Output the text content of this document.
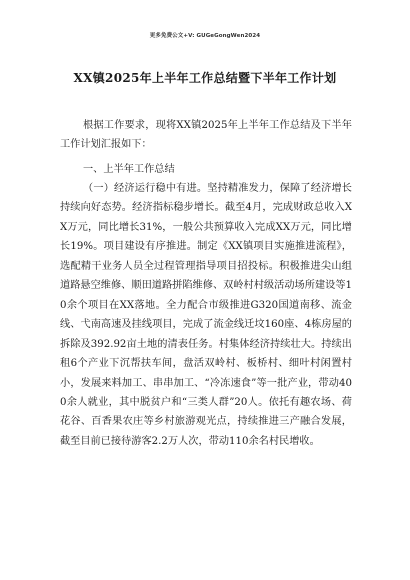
更多免费公文+V: GUGeGongWen2024
XX镇2025年上半年工作总结暨下半年工作计划

根据工作要求，现将XX镇2025年上半年工作总结及下半年工作计划汇报如下：

一、上半年工作总结

（一）经济运行稳中有进。坚持精准发力，保障了经济增长持续向好态势。经济指标稳步增长。截至4月，完成财政总收入XX万元，同比增长31%，一般公共预算收入完成XX万元，同比增长19%。项目建设有序推进。制定《XX镇项目实施推进流程》，选配精干业务人员全过程管理指导项目招投标。积极推进尖山组道路悬空维修、顺田道路拼陷维修、双岭村村级活动场所建设等10余个项目在XX落地。全力配合市级推进G320国道南移、流金线、弋南高速及挂线项目，完成了流金线迁坟160座、4栋房屋的拆除及392.92亩土地的清表任务。村集体经济持续壮大。持续出租6个产业下沉帮扶车间，盘活双岭村、板桥村、细叶村闲置村小，发展来料加工、串串加工、“冷冻速食”等一批产业，带动400余人就业，其中脱贫户和“三类人群”20人。依托有趣农场、荷花谷、百香果农庄等乡村旅游观光点，持续推进三产融合发展，截至目前已接待游客2.2万人次，带动110余名村民增收。
